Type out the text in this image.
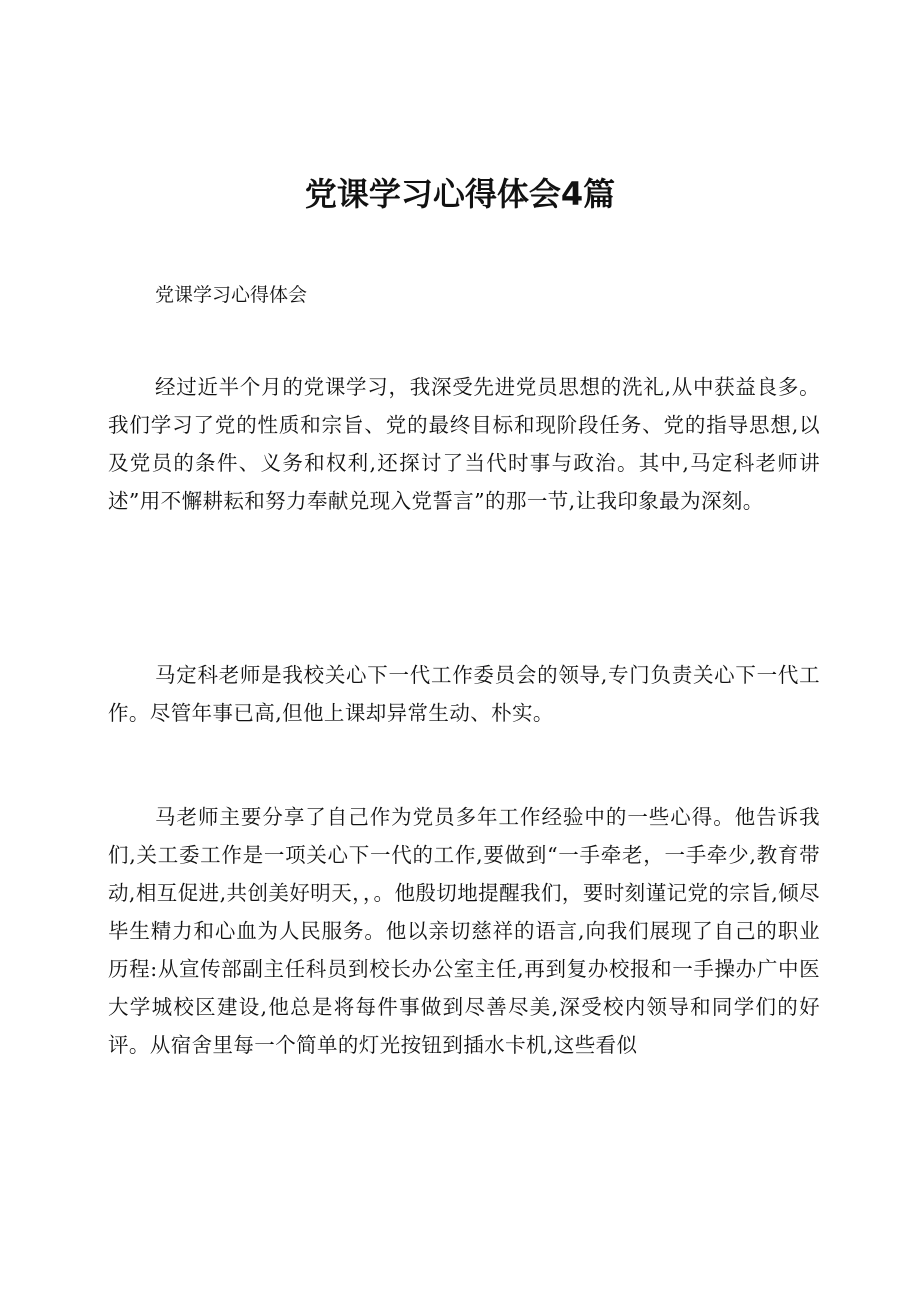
党课学习心得体会4篇

党课学习心得体会

经过近半个月的党课学习，我深受先进党员思想的洗礼,从中获益良多。我们学习了党的性质和宗旨、党的最终目标和现阶段任务、党的指导思想,以及党员的条件、义务和权利,还探讨了当代时事与政治。其中,马定科老师讲述”用不懈耕耘和努力奉献兑现入党誓言”的那一节,让我印象最为深刻。

马定科老师是我校关心下一代工作委员会的领导,专门负责关心下一代工作。尽管年事已高,但他上课却异常生动、朴实。

马老师主要分享了自己作为党员多年工作经验中的一些心得。他告诉我们,关工委工作是一项关心下一代的工作,要做到“一手牵老，一手牵少,教育带动,相互促进,共创美好明天，，。他殷切地提醒我们，要时刻谨记党的宗旨,倾尽毕生精力和心血为人民服务。他以亲切慈祥的语言,向我们展现了自己的职业历程:从宣传部副主任科员到校长办公室主任,再到复办校报和一手操办广中医大学城校区建设,他总是将每件事做到尽善尽美,深受校内领导和同学们的好评。从宿舍里每一个简单的灯光按钮到插水卡机,这些看似
